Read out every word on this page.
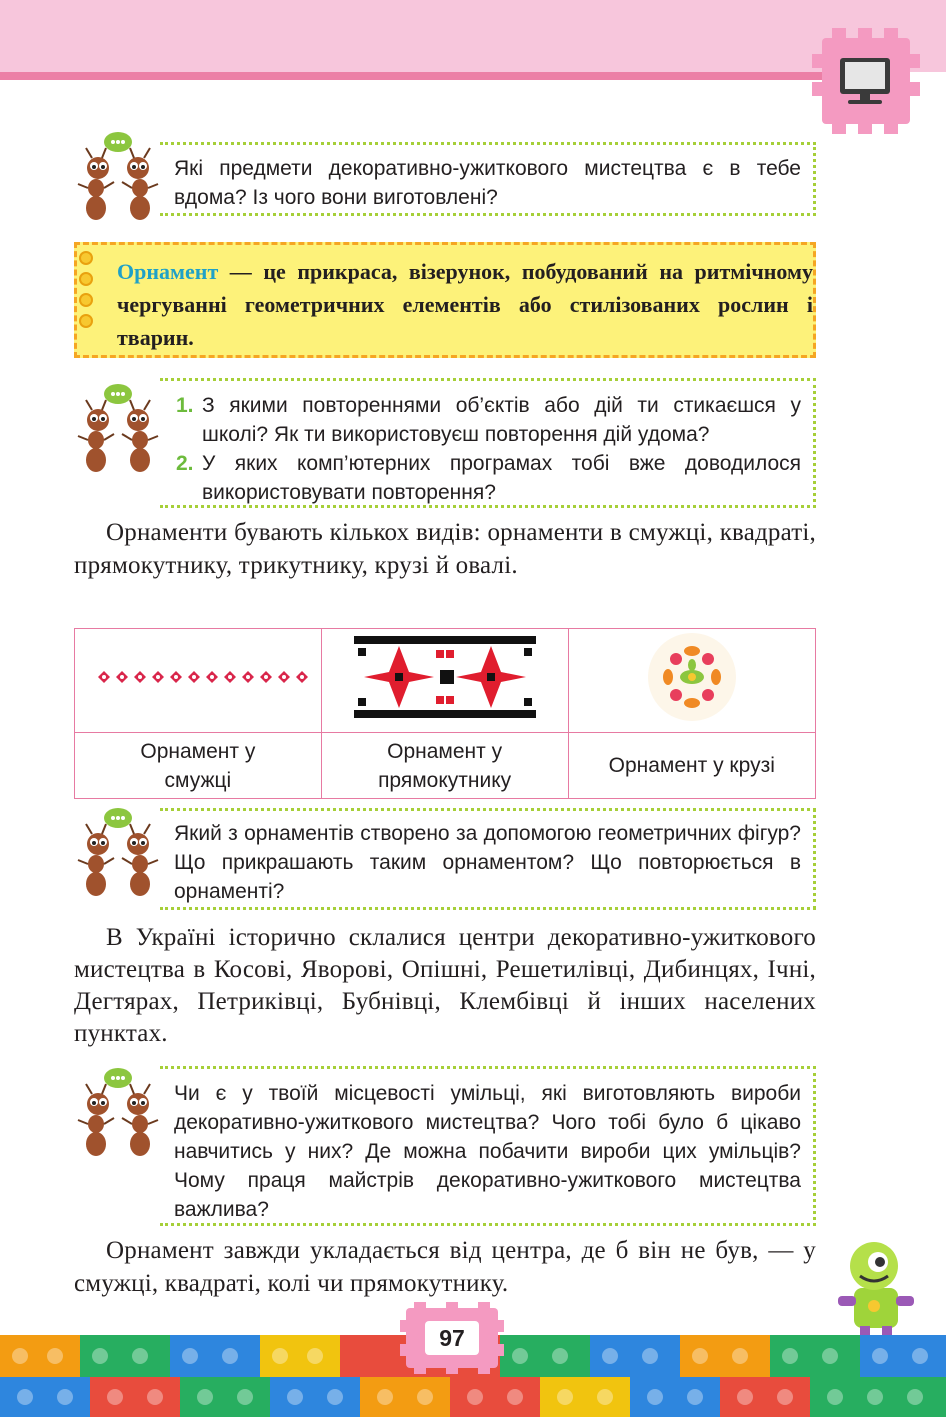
Які предмети декоративно-ужиткового мистецтва є в тебе вдома? Із чого вони виготовлені?
Орнамент — це прикраса, візерунок, побудований на ритмічному чергуванні геометричних елементів або стилізованих рослин і тварин.
1. З якими повтореннями об’єктів або дій ти стикаєшся у школі? Як ти використовуєш повторення дій удома?
2. У яких комп’ютерних програмах тобі вже доводилося використовувати повторення?
Орнаменти бувають кількох видів: орнаменти в смужці, квадраті, прямокутнику, трикутнику, крузі й овалі.

Орнамент у смужці	Орнамент у прямокутнику	Орнамент у крузі
Який з орнаментів створено за допомогою геометричних фігур? Що прикрашають таким орнаментом? Що повторюється в орнаменті?
В Україні історично склалися центри декоративно-ужиткового мистецтва в Косові, Яворові, Опішні, Решетилівці, Дибинцях, Ічні, Дегтярах, Петриківці, Бубнівці, Клембівці й інших населених пунктах.
Чи є у твоїй місцевості умільці, які виготовляють вироби декоративно-ужиткового мистецтва? Чого тобі було б цікаво навчитись у них? Де можна побачити вироби цих умільців? Чому праця майстрів декоративно-ужиткового мистецтва важлива?
Орнамент завжди укладається від центра, де б він не був, — у смужці, квадраті, колі чи прямокутнику.
97
